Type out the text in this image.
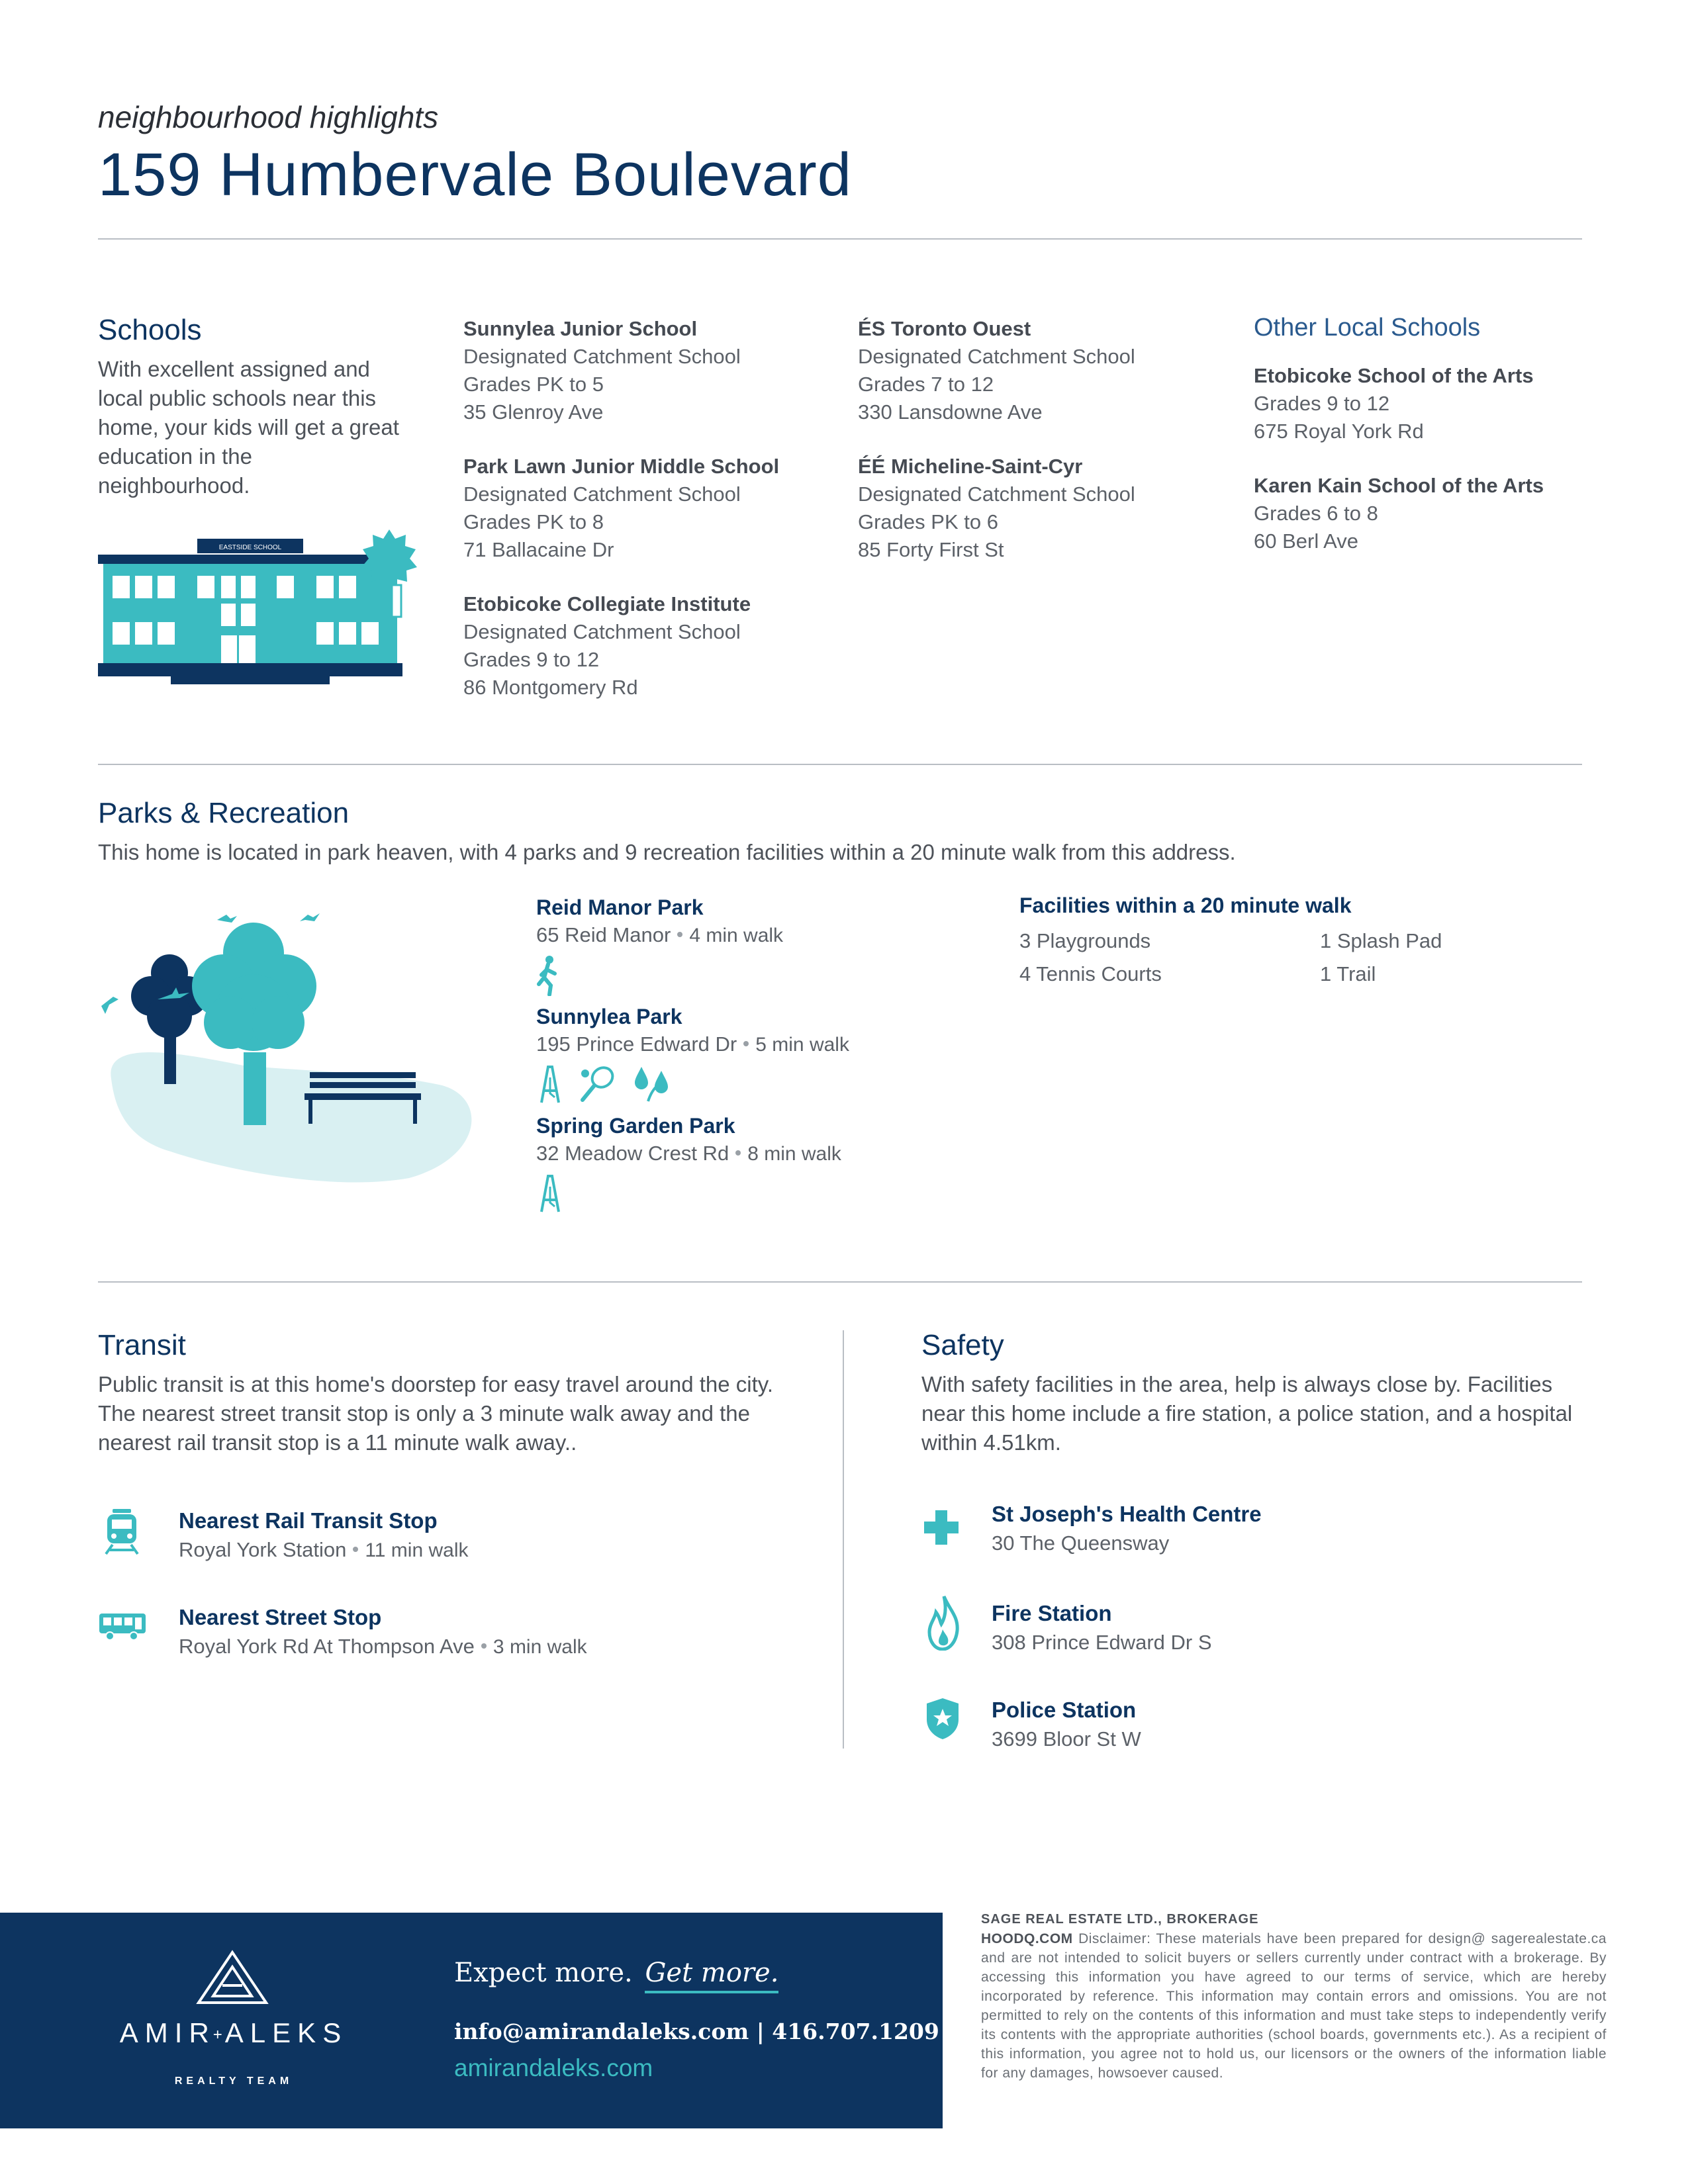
neighbourhood highlights
159 Humbervale Boulevard
Schools
With excellent assigned and local public schools near this home, your kids will get a great education in the neighbourhood.
EASTSIDE SCHOOL
Sunnylea Junior School
Designated Catchment School
Grades PK to 5
35 Glenroy Ave
Park Lawn Junior Middle School
Designated Catchment School
Grades PK to 8
71 Ballacaine Dr
Etobicoke Collegiate Institute
Designated Catchment School
Grades 9 to 12
86 Montgomery Rd
ÉS Toronto Ouest
Designated Catchment School
Grades 7 to 12
330 Lansdowne Ave
ÉÉ Micheline-Saint-Cyr
Designated Catchment School
Grades PK to 6
85 Forty First St
Other Local Schools
Etobicoke School of the Arts
Grades 9 to 12
675 Royal York Rd
Karen Kain School of the Arts
Grades 6 to 8
60 Berl Ave
Parks & Recreation
This home is located in park heaven, with 4 parks and 9 recreation facilities within a 20 minute walk from this address.
Reid Manor Park
65 Reid Manor 4 min walk
Sunnylea Park
195 Prince Edward Dr 5 min walk

Spring Garden Park
32 Meadow Crest Rd 8 min walk
Facilities within a 20 minute walk
3 Playgrounds	1 Splash Pad
4 Tennis Courts	1 Trail
Transit
Public transit is at this home's doorstep for easy travel around the city. The nearest street transit stop is only a 3 minute walk away and the nearest rail transit stop is a 11 minute walk away..
Nearest Rail Transit Stop
Royal York Station 11 min walk
Nearest Street Stop
Royal York Rd At Thompson Ave 3 min walk
Safety
With safety facilities in the area, help is always close by. Facilities near this home include a fire station, a police station, and a hospital within 4.51km.
St Joseph's Health Centre
30 The Queensway
Fire Station
308 Prince Edward Dr S
Police Station
3699 Bloor St W
AMIR+ALEKS
REALTY TEAM
Expect more. Get more.
info@amirandaleks.com | 416.707.1209
amirandaleks.com
SAGE REAL ESTATE LTD., BROKERAGE
HOODQ.COM Disclaimer: These materials have been prepared for design@ sagerealestate.ca and are not intended to solicit buyers or sellers currently under contract with a brokerage. By accessing this information you have agreed to our terms of service, which are hereby incorporated by reference. This information may contain errors and omissions. You are not permitted to rely on the contents of this information and must take steps to independently verify its contents with the appropriate authorities (school boards, governments etc.). As a recipient of this information, you agree not to hold us, our licensors or the owners of the information liable for any damages, howsoever caused.
